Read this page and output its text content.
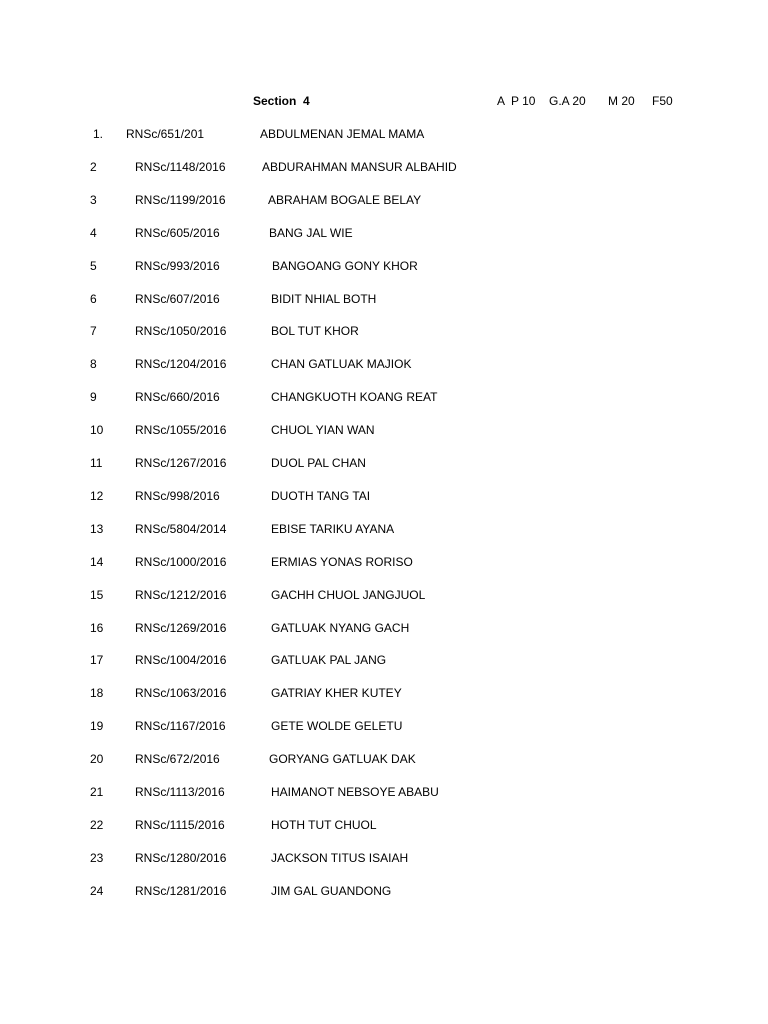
Section  4	A  P 10 G.A 20 M 20 F50
1. RNSc/651/201	ABDULMENAN JEMAL MAMA
2	RNSc/1148/2016	ABDURAHMAN MANSUR ALBAHID
3	RNSc/1199/2016	ABRAHAM BOGALE BELAY
4	RNSc/605/2016	BANG JAL WIE
5	RNSc/993/2016	BANGOANG GONY KHOR
6	RNSc/607/2016	BIDIT NHIAL BOTH
7	RNSc/1050/2016	BOL TUT KHOR
8	RNSc/1204/2016	CHAN GATLUAK MAJIOK
9	RNSc/660/2016	CHANGKUOTH KOANG REAT
10	RNSc/1055/2016	CHUOL YIAN WAN
11	RNSc/1267/2016	DUOL PAL CHAN
12	RNSc/998/2016	DUOTH TANG TAI
13	RNSc/5804/2014	EBISE TARIKU AYANA
14	RNSc/1000/2016	ERMIAS YONAS RORISO
15	RNSc/1212/2016	GACHH CHUOL JANGJUOL
16	RNSc/1269/2016	GATLUAK NYANG GACH
17	RNSc/1004/2016	GATLUAK PAL JANG
18	RNSc/1063/2016	GATRIAY KHER KUTEY
19	RNSc/1167/2016	GETE WOLDE GELETU
20	RNSc/672/2016	GORYANG GATLUAK DAK
21	RNSc/1113/2016	HAIMANOT NEBSOYE ABABU
22	RNSc/1115/2016	HOTH TUT CHUOL
23	RNSc/1280/2016	JACKSON TITUS ISAIAH
24	RNSc/1281/2016	JIM GAL GUANDONG
